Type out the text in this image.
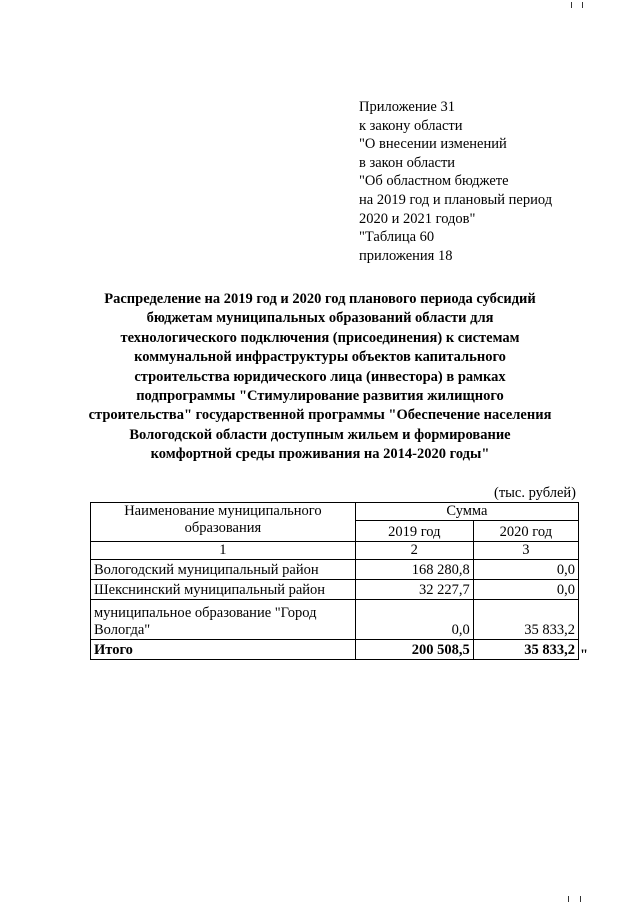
Приложение 31
к закону области
"О внесении изменений
в закон области
"Об областном бюджете
на 2019 год и плановый период
2020 и 2021 годов"
"Таблица 60
приложения 18
Распределение на 2019 год и 2020 год планового периода субсидий
бюджетам муниципальных образований области для
технологического подключения (присоединения) к системам
коммунальной инфраструктуры объектов капитального
строительства юридического лица (инвестора) в рамках
подпрограммы "Стимулирование развития жилищного
строительства" государственной программы "Обеспечение населения
Вологодской области доступным жильем и формирование
комфортной среды проживания на 2014-2020 годы"
(тыс. рублей)
Наименование муниципального образования	Сумма	
	2019 год	2020 год
1	2	3
Вологодский муниципальный район	168 280,8	0,0
Шекснинский муниципальный район	32 227,7	0,0
муниципальное образование "Город Вологда"	0,0	35 833,2
Итого	200 508,5	35 833,2 "
